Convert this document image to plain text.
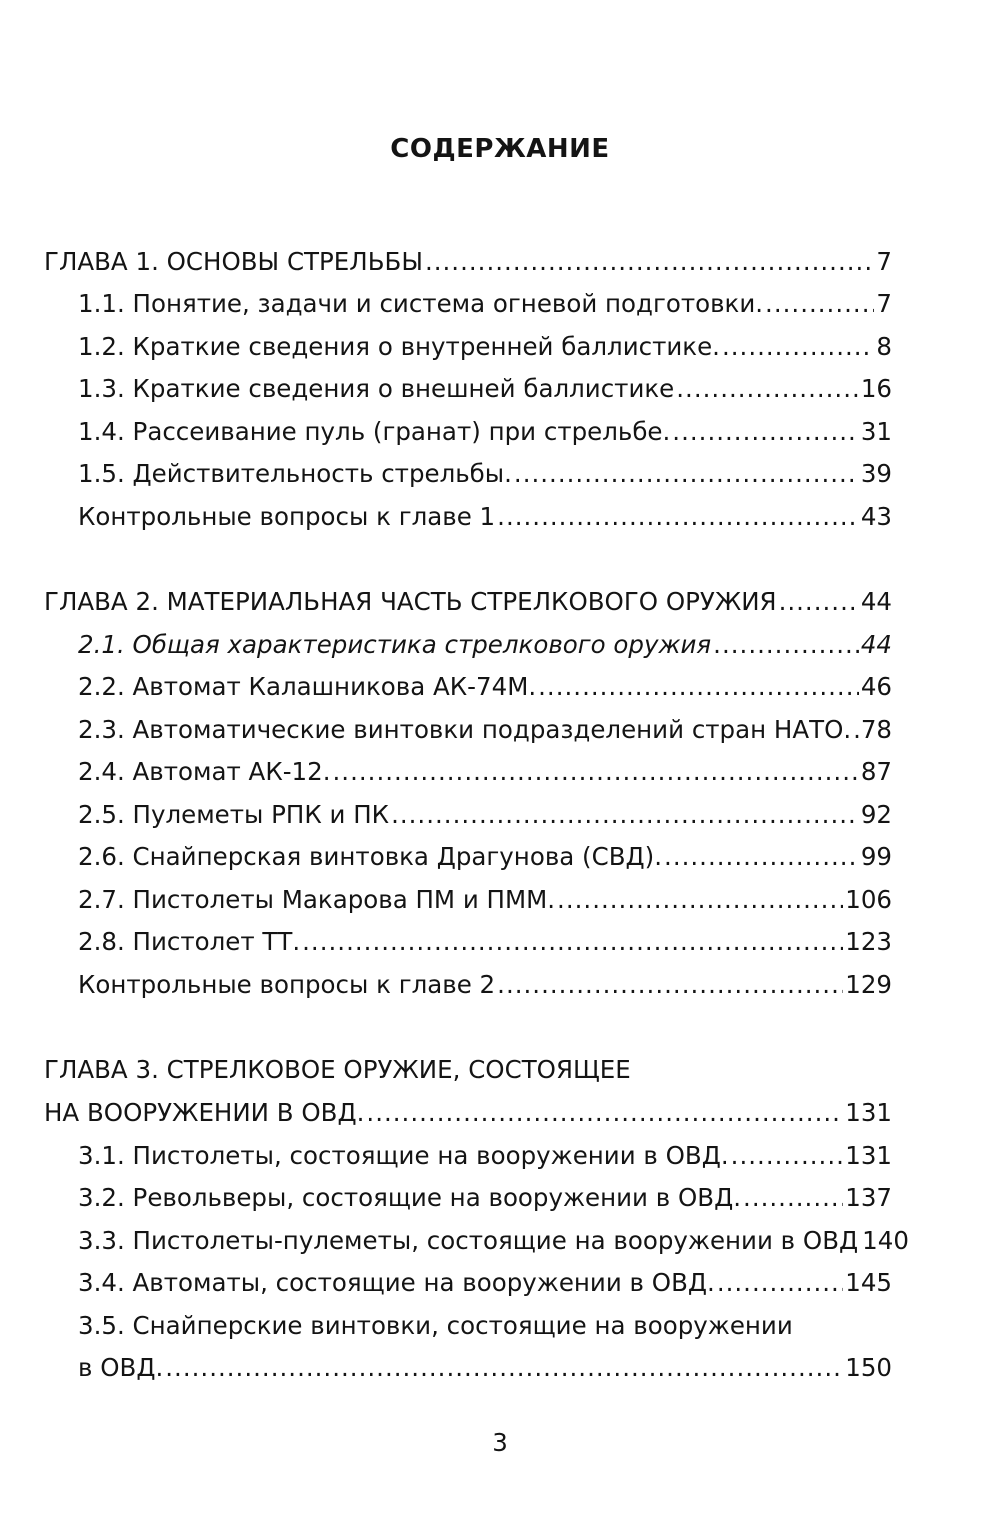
СОДЕРЖАНИЕ
ГЛАВА 1. ОСНОВЫ СТРЕЛЬБЫ .....	7
1.1. Понятие, задачи и система огневой подготовки. .....	7
1.2. Краткие сведения о внутренней баллистике. .....	8
1.3. Краткие сведения о внешней баллистике .....	16
1.4. Рассеивание пуль (гранат) при стрельбе. .....	31
1.5. Действительность стрельбы. .....	39
Контрольные вопросы к главе 1 .....	43
ГЛАВА 2. МАТЕРИАЛЬНАЯ ЧАСТЬ СТРЕЛКОВОГО ОРУЖИЯ .....	44
2.1. Общая характеристика стрелкового оружия .....	44
2.2. Автомат Калашникова АК-74М. .....	46
2.3. Автоматические винтовки подразделений стран НАТО. ..... 78
2.4. Автомат АК-12. .....	87
2.5. Пулеметы РПК и ПК .....	92
2.6. Снайперская винтовка Драгунова (СВД). .....	99
2.7. Пистолеты Макарова ПМ и ПММ. .....	106
2.8. Пистолет ТТ. .....	123
Контрольные вопросы к главе 2 .....	129
ГЛАВА 3. СТРЕЛКОВОЕ ОРУЖИЕ, СОСТОЯЩЕЕ
НА ВООРУЖЕНИИ В ОВД. .....	131
3.1. Пистолеты, состоящие на вооружении в ОВД. .....	131
3.2. Револьверы, состоящие на вооружении в ОВД. .....	137
3.3. Пистолеты-пулеметы, состоящие на вооружении в ОВД 140
3.4. Автоматы, состоящие на вооружении в ОВД. .....	145
3.5. Снайперские винтовки, состоящие на вооружении
в ОВД. .....	150
3
